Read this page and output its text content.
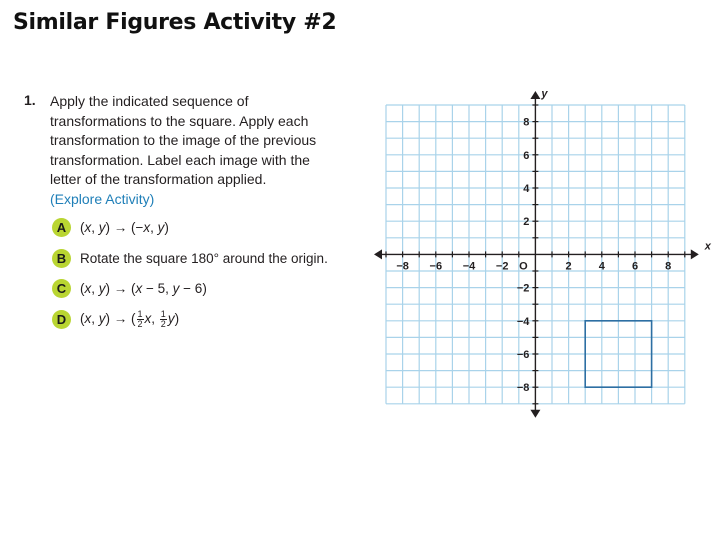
Similar Figures Activity #2
1. Apply the indicated sequence of
transformations to the square. Apply each
transformation to the image of the previous
transformation. Label each image with the
letter of the transformation applied.
(Explore Activity)
A	(x, y) → (−x, y)
B	Rotate the square 180° around the origin.
C	(x, y) → (x − 5, y − 6)
D	(x, y) → ( $\frac{1}{2} x$, $\frac{1}{2} y$)
−8 −6 −4 −2	2 4 6 8
8
6
4
2
−2
−4
−6
−8
O
x
y
